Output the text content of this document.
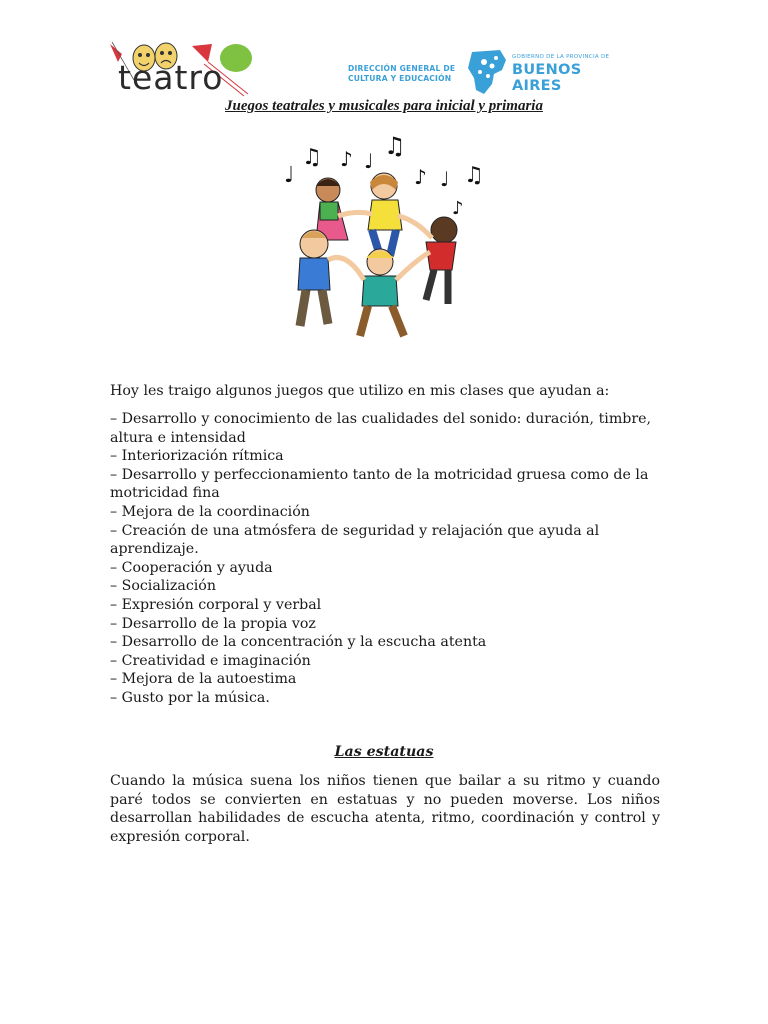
teatro	DIRECCIÓN GENERAL DE
CULTURA Y EDUCACIÓN
GOBIERNO DE LA PROVINCIA DE
BUENOS AIRES
Juegos teatrales y musicales para inicial y primaria
♩
♫ ♪ ♩
♫
♪ ♩ ♫
♪
Hoy les traigo algunos juegos que utilizo en mis clases que ayudan a:
– Desarrollo y conocimiento de las cualidades del sonido: duración, timbre, altura e intensidad
– Interiorización rítmica
– Desarrollo y perfeccionamiento tanto de la motricidad gruesa como de la motricidad fina
– Mejora de la coordinación
– Creación de una atmósfera de seguridad y relajación que ayuda al aprendizaje.
– Cooperación y ayuda
– Socialización
– Expresión corporal y verbal
– Desarrollo de la propia voz
– Desarrollo de la concentración y la escucha atenta
– Creatividad e imaginación
– Mejora de la autoestima
– Gusto por la música.
Las estatuas
Cuando la música suena los niños tienen que bailar a su ritmo y cuando paré todos se convierten en estatuas y no pueden moverse. Los niños desarrollan habilidades de escucha atenta, ritmo, coordinación y control y expresión corporal.
